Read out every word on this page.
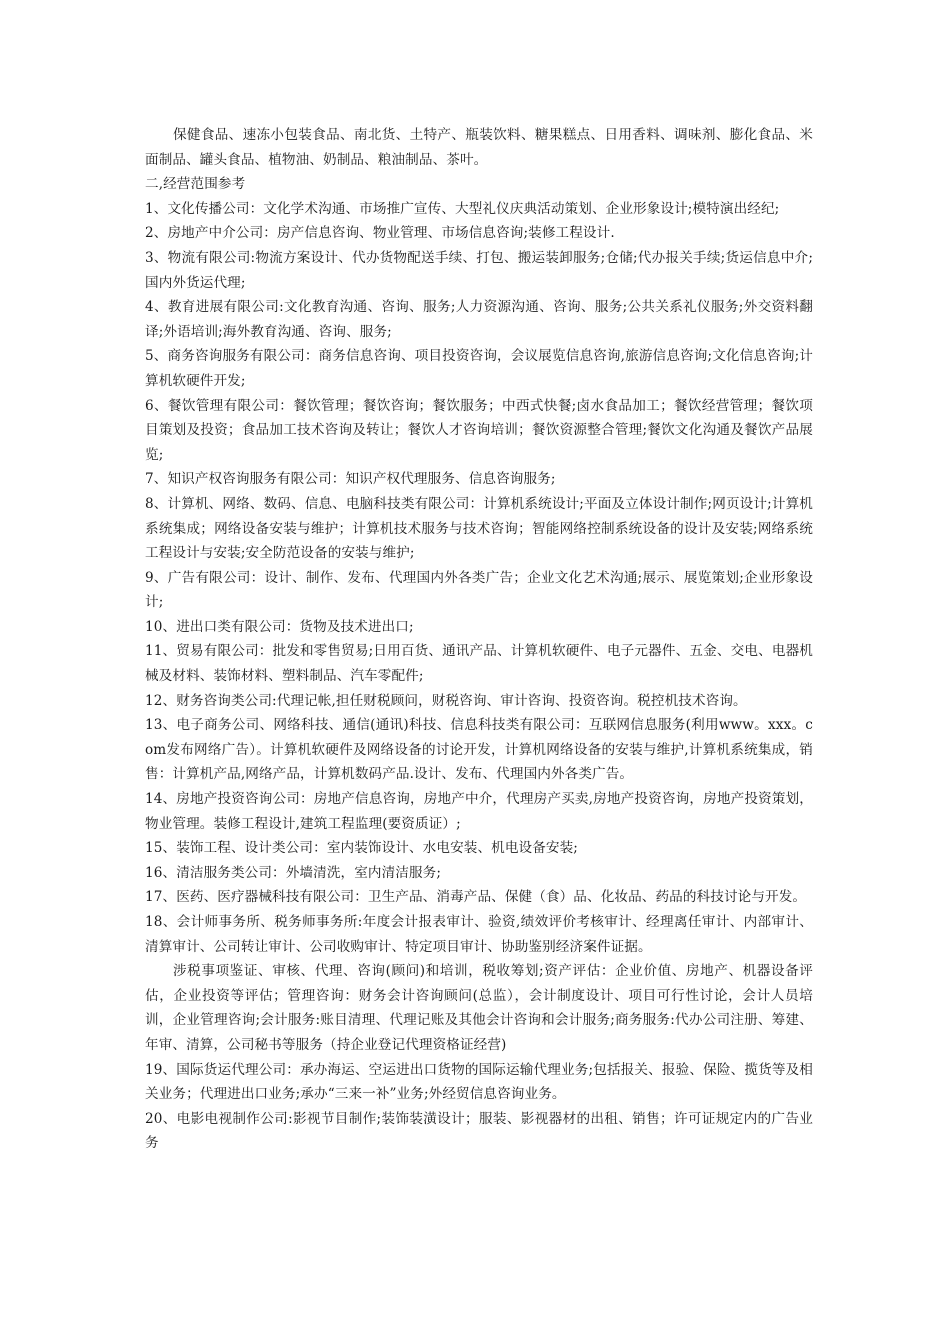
保健食品、速冻小包装食品、南北货、土特产、瓶装饮料、糖果糕点、日用香料、调味剂、膨化食品、米面制品、罐头食品、植物油、奶制品、粮油制品、茶叶。

二,经营范围参考

1、文化传播公司：文化学术沟通、市场推广宣传、大型礼仪庆典活动策划、企业形象设计;模特演出经纪;

2、房地产中介公司：房产信息咨询、物业管理、市场信息咨询;装修工程设计.

3、物流有限公司:物流方案设计、代办货物配送手续、打包、搬运装卸服务;仓储;代办报关手续;货运信息中介;国内外货运代理;

4、教育进展有限公司:文化教育沟通、咨询、服务;人力资源沟通、咨询、服务;公共关系礼仪服务;外交资料翻译;外语培训;海外教育沟通、咨询、服务;

5、商务咨询服务有限公司：商务信息咨询、项目投资咨询，会议展览信息咨询,旅游信息咨询;文化信息咨询;计算机软硬件开发;

6、餐饮管理有限公司：餐饮管理；餐饮咨询；餐饮服务；中西式快餐;卤水食品加工；餐饮经营管理；餐饮项目策划及投资；食品加工技术咨询及转让；餐饮人才咨询培训；餐饮资源整合管理;餐饮文化沟通及餐饮产品展览;

7、知识产权咨询服务有限公司：知识产权代理服务、信息咨询服务;

8、计算机、网络、数码、信息、电脑科技类有限公司：计算机系统设计;平面及立体设计制作;网页设计;计算机系统集成；网络设备安装与维护；计算机技术服务与技术咨询；智能网络控制系统设备的设计及安装;网络系统工程设计与安装;安全防范设备的安装与维护;

9、广告有限公司：设计、制作、发布、代理国内外各类广告；企业文化艺术沟通;展示、展览策划;企业形象设计;

10、进出口类有限公司：货物及技术进出口;

11、贸易有限公司：批发和零售贸易;日用百货、通讯产品、计算机软硬件、电子元器件、五金、交电、电器机械及材料、装饰材料、塑料制品、汽车零配件;

12、财务咨询类公司:代理记帐,担任财税顾问，财税咨询、审计咨询、投资咨询。税控机技术咨询。

13、电子商务公司、网络科技、通信(通讯)科技、信息科技类有限公司：互联网信息服务(利用www。xxx。com发布网络广告）。计算机软硬件及网络设备的讨论开发，计算机网络设备的安装与维护,计算机系统集成，销售：计算机产品,网络产品，计算机数码产品.设计、发布、代理国内外各类广告。

14、房地产投资咨询公司：房地产信息咨询，房地产中介，代理房产买卖,房地产投资咨询，房地产投资策划，物业管理。装修工程设计,建筑工程监理(要资质证）;

15、装饰工程、设计类公司：室内装饰设计、水电安装、机电设备安装;

16、清洁服务类公司：外墙清洗，室内清洁服务;

17、医药、医疗器械科技有限公司：卫生产品、消毒产品、保健（食）品、化妆品、药品的科技讨论与开发。

18、会计师事务所、税务师事务所:年度会计报表审计、验资,绩效评价考核审计、经理离任审计、内部审计、清算审计、公司转让审计、公司收购审计、特定项目审计、协助鉴别经济案件证据。

涉税事项鉴证、审核、代理、咨询(顾问)和培训，税收筹划;资产评估：企业价值、房地产、机器设备评估，企业投资等评估；管理咨询：财务会计咨询顾问(总监），会计制度设计、项目可行性讨论，会计人员培训，企业管理咨询;会计服务:账目清理、代理记账及其他会计咨询和会计服务;商务服务:代办公司注册、筹建、年审、清算，公司秘书等服务（持企业登记代理资格证经营)

19、国际货运代理公司：承办海运、空运进出口货物的国际运输代理业务;包括报关、报验、保险、揽货等及相关业务；代理进出口业务;承办“三来一补”业务;外经贸信息咨询业务。

20、电影电视制作公司:影视节目制作;装饰装潢设计；服装、影视器材的出租、销售；许可证规定内的广告业务
